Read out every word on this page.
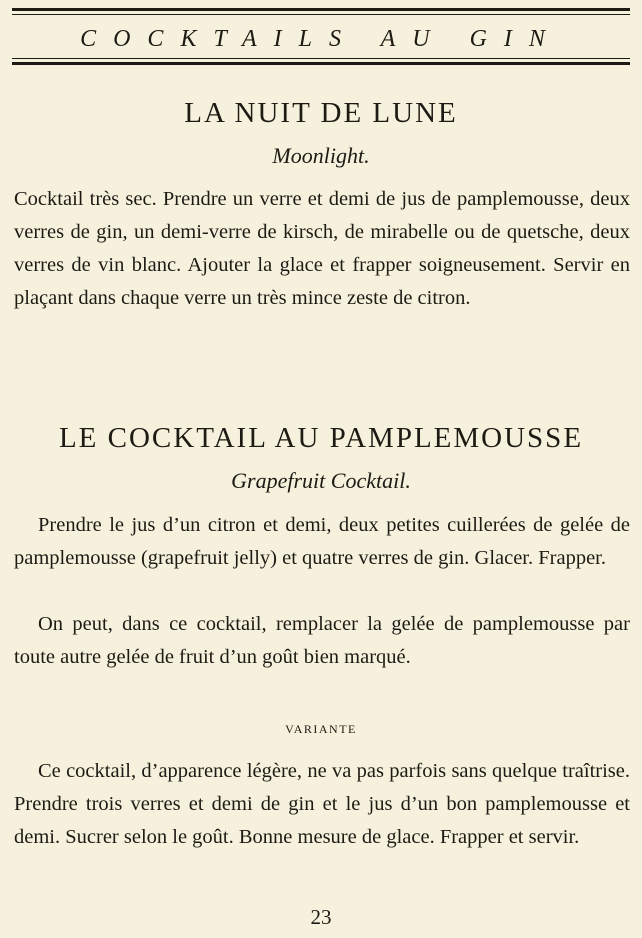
COCKTAILS AU GIN
LA NUIT DE LUNE
Moonlight.
Cocktail très sec. Prendre un verre et demi de jus de pamplemousse, deux verres de gin, un demi-verre de kirsch, de mirabelle ou de quetsche, deux verres de vin blanc. Ajouter la glace et frapper soigneusement. Servir en plaçant dans chaque verre un très mince zeste de citron.
LE COCKTAIL AU PAMPLEMOUSSE
Grapefruit Cocktail.
Prendre le jus d’un citron et demi, deux petites cuillerées de gelée de pamplemousse (grapefruit jelly) et quatre verres de gin. Glacer. Frapper.
On peut, dans ce cocktail, remplacer la gelée de pamplemousse par toute autre gelée de fruit d’un goût bien marqué.
VARIANTE
Ce cocktail, d’apparence légère, ne va pas parfois sans quelque traîtrise. Prendre trois verres et demi de gin et le jus d’un bon pamplemousse et demi. Sucrer selon le goût. Bonne mesure de glace. Frapper et servir.
23
